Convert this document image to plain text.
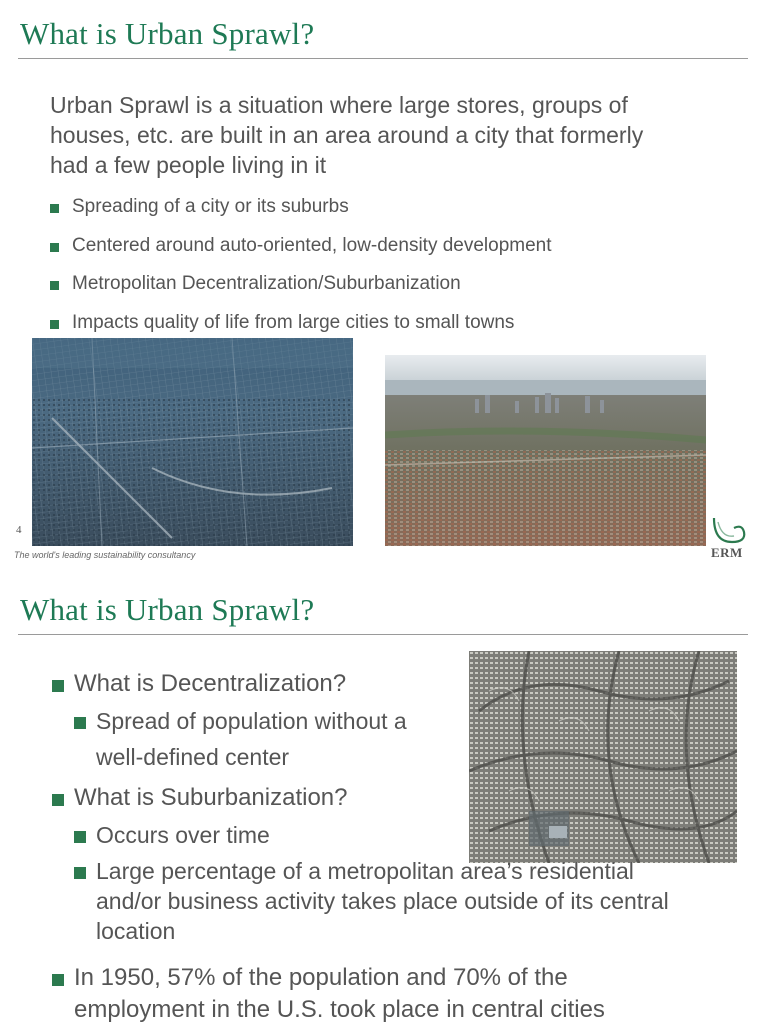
What is Urban Sprawl?
Urban Sprawl is a situation where large stores, groups of
houses, etc. are built in an area around a city that formerly
had a few people living in it
Spreading of a city or its suburbs
Centered around auto-oriented, low-density development
Metropolitan Decentralization/Suburbanization
Impacts quality of life from large cities to small towns
4
The world's leading sustainability consultancy	ERM
What is Urban Sprawl?
What is Decentralization?
Spread of population without a
well-defined center
What is Suburbanization?
Occurs over time
Large percentage of a metropolitan area’s residential
and/or business activity takes place outside of its central
location
In 1950, 57% of the population and 70% of the
employment in the U.S. took place in central cities
